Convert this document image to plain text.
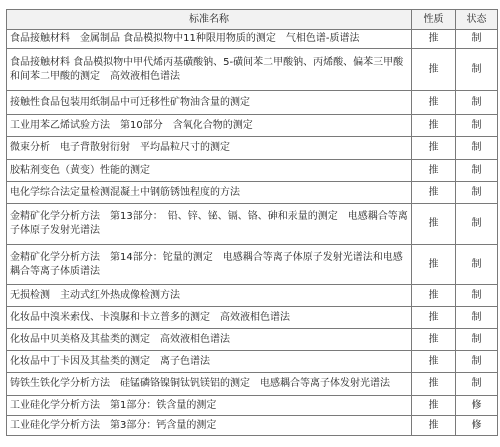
标准名称	性质	状态
食品接触材料　金属制品 食品模拟物中11种限用物质的测定　气相色谱-质谱法	推	制
食品接触材料 食品模拟物中甲代烯丙基磺酸钠、5-磺间苯二甲酸钠、丙烯酸、偏苯三甲酸和间苯二甲酸的测定　高效液相色谱法	推	制
接触性食品包装用纸制品中可迁移性矿物油含量的测定	推	制
工业用苯乙烯试验方法　第10部分　含氧化合物的测定	推	制
微束分析　电子背散射衍射　平均晶粒尺寸的测定	推	制
胶粘剂变色（黄变）性能的测定	推	制
电化学综合法定量检测混凝土中钢筋锈蚀程度的方法	推	制
金精矿化学分析方法　第13部分：　铅、锌、铋、镉、铬、砷和汞量的测定　电感耦合等离子体原子发射光谱法	推	制
金精矿化学分析方法　第14部分：铊量的测定　电感耦合等离子体原子发射光谱法和电感耦合等离子体质谱法	推	制
无损检测　主动式红外热成像检测方法	推	制
化妆品中溴米索伐、卡溴脲和卡立普多的测定　高效液相色谱法	推	制
化妆品中贝美格及其盐类的测定　高效液相色谱法	推	制
化妆品中丁卡因及其盐类的测定　离子色谱法	推	制
铸铁生铁化学分析方法　硅锰磷铬镍铜钛钒镁铝的测定　电感耦合等离子体发射光谱法	推	制
工业硅化学分析方法　第1部分：铁含量的测定	推	修
工业硅化学分析方法　第3部分：钙含量的测定	推	修
